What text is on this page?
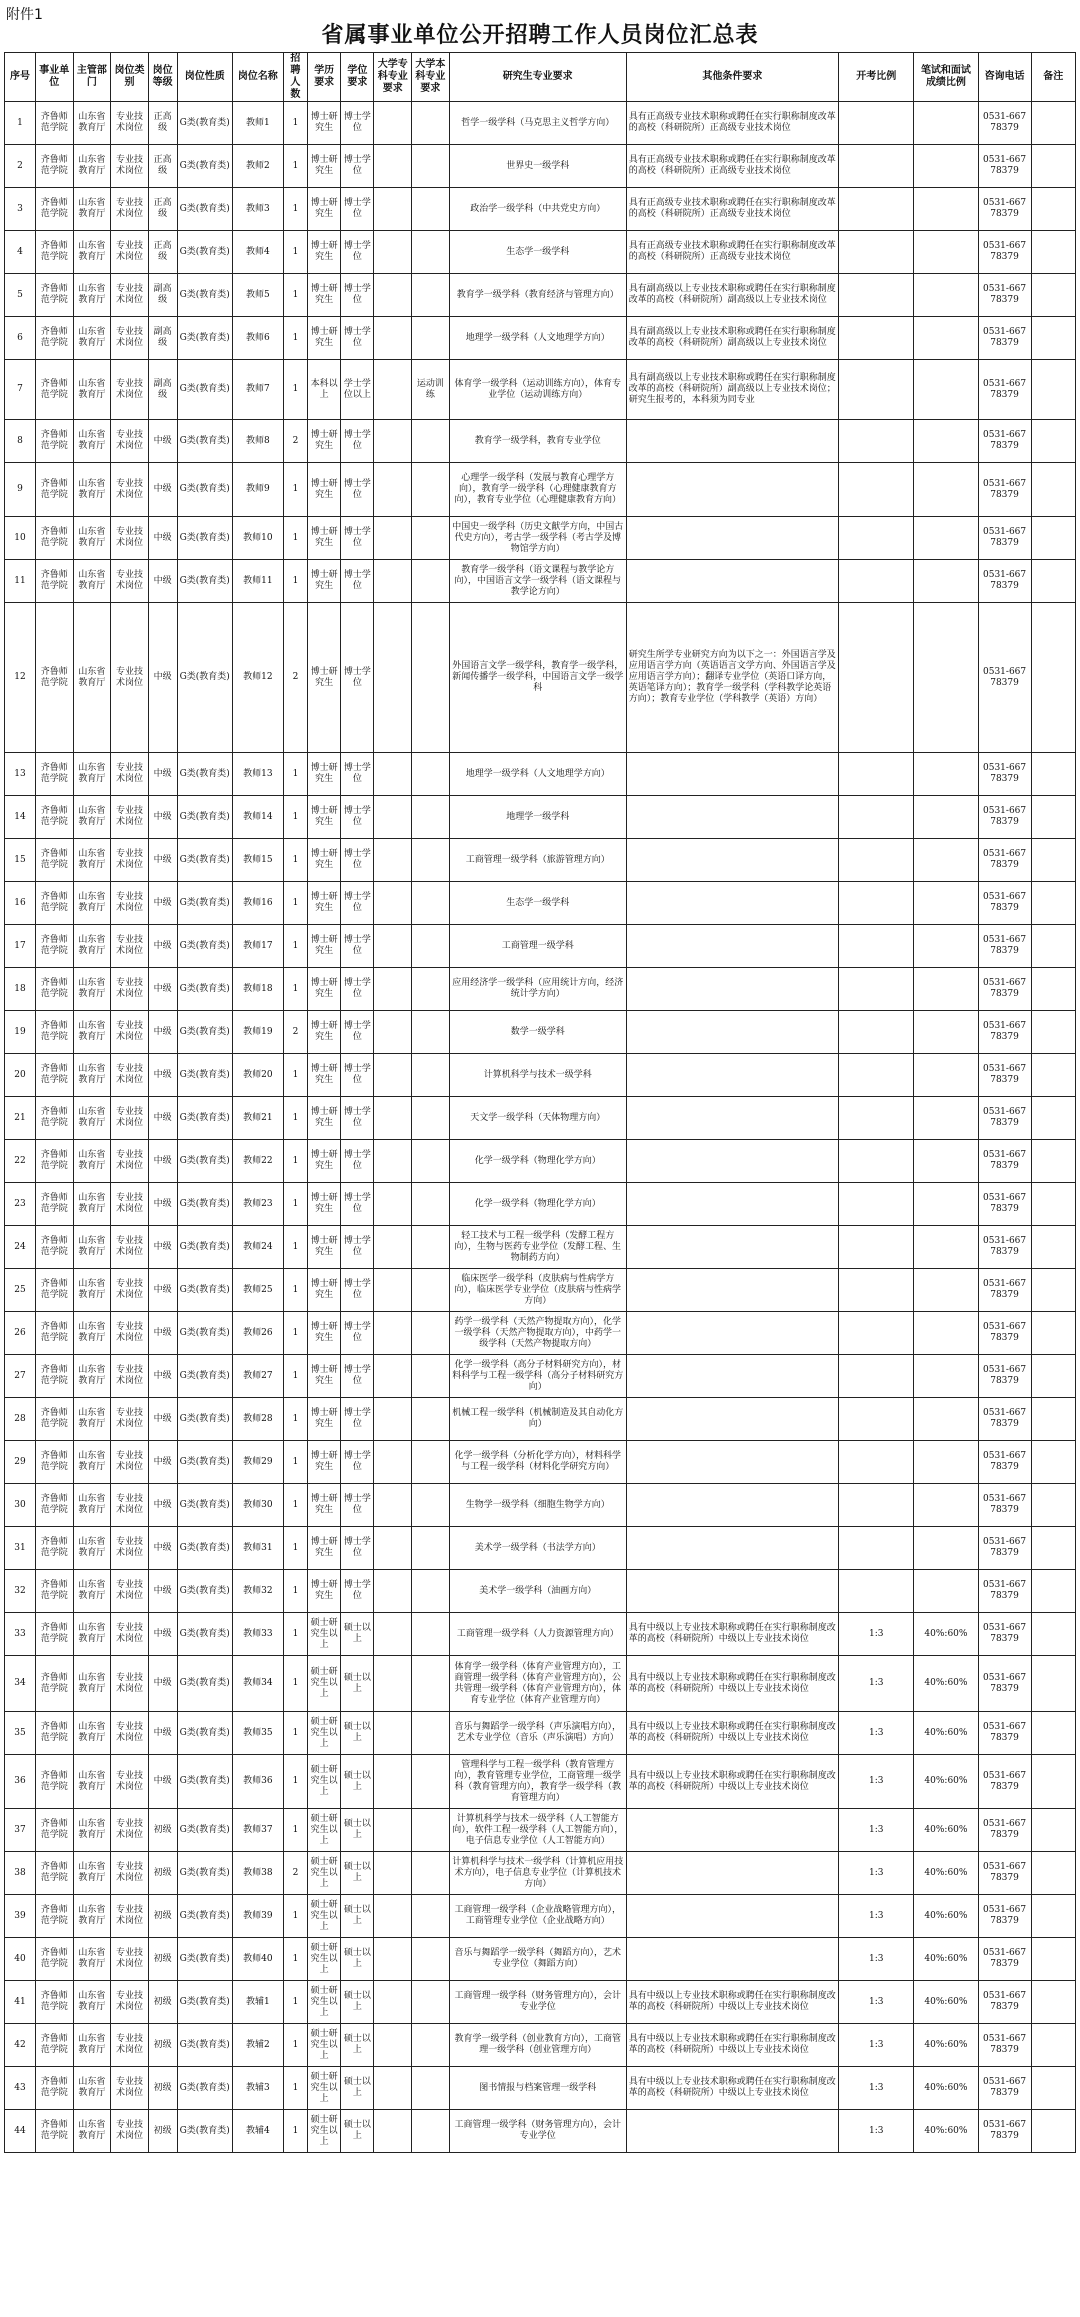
附件1
省属事业单位公开招聘工作人员岗位汇总表
序号	事业单位	主管部门	岗位类别	岗位等级	岗位性质	岗位名称	招聘人数	学历要求	学位要求	大学专科专业要求	大学本科专业要求	研究生专业要求	其他条件要求	开考比例	笔试和面试成绩比例	咨询电话	备注
1	齐鲁师范学院	山东省教育厅	专业技术岗位	正高级	G类(教育类)	教师1	1	博士研究生	博士学位			哲学一级学科（马克思主义哲学方向）	具有正高级专业技术职称或聘任在实行职称制度改革的高校（科研院所）正高级专业技术岗位			0531-66778379	
2	齐鲁师范学院	山东省教育厅	专业技术岗位	正高级	G类(教育类)	教师2	1	博士研究生	博士学位			世界史一级学科	具有正高级专业技术职称或聘任在实行职称制度改革的高校（科研院所）正高级专业技术岗位			0531-66778379	
3	齐鲁师范学院	山东省教育厅	专业技术岗位	正高级	G类(教育类)	教师3	1	博士研究生	博士学位			政治学一级学科（中共党史方向）	具有正高级专业技术职称或聘任在实行职称制度改革的高校（科研院所）正高级专业技术岗位			0531-66778379	
4	齐鲁师范学院	山东省教育厅	专业技术岗位	正高级	G类(教育类)	教师4	1	博士研究生	博士学位			生态学一级学科	具有正高级专业技术职称或聘任在实行职称制度改革的高校（科研院所）正高级专业技术岗位			0531-66778379	
5	齐鲁师范学院	山东省教育厅	专业技术岗位	副高级	G类(教育类)	教师5	1	博士研究生	博士学位			教育学一级学科（教育经济与管理方向）	具有副高级以上专业技术职称或聘任在实行职称制度改革的高校（科研院所）副高级以上专业技术岗位			0531-66778379	
6	齐鲁师范学院	山东省教育厅	专业技术岗位	副高级	G类(教育类)	教师6	1	博士研究生	博士学位			地理学一级学科（人文地理学方向）	具有副高级以上专业技术职称或聘任在实行职称制度改革的高校（科研院所）副高级以上专业技术岗位			0531-66778379	
7	齐鲁师范学院	山东省教育厅	专业技术岗位	副高级	G类(教育类)	教师7	1	本科以上	学士学位以上		运动训练	体育学一级学科（运动训练方向），体育专业学位（运动训练方向）	具有副高级以上专业技术职称或聘任在实行职称制度改革的高校（科研院所）副高级以上专业技术岗位；研究生报考的，本科须为同专业			0531-66778379	
8	齐鲁师范学院	山东省教育厅	专业技术岗位	中级	G类(教育类)	教师8	2	博士研究生	博士学位			教育学一级学科，教育专业学位				0531-66778379	
9	齐鲁师范学院	山东省教育厅	专业技术岗位	中级	G类(教育类)	教师9	1	博士研究生	博士学位			心理学一级学科（发展与教育心理学方向），教育学一级学科（心理健康教育方向），教育专业学位（心理健康教育方向）				0531-66778379	
10	齐鲁师范学院	山东省教育厅	专业技术岗位	中级	G类(教育类)	教师10	1	博士研究生	博士学位			中国史一级学科（历史文献学方向，中国古代史方向），考古学一级学科（考古学及博物馆学方向）				0531-66778379	
11	齐鲁师范学院	山东省教育厅	专业技术岗位	中级	G类(教育类)	教师11	1	博士研究生	博士学位			教育学一级学科（语文课程与教学论方向），中国语言文学一级学科（语文课程与教学论方向）				0531-66778379	
12	齐鲁师范学院	山东省教育厅	专业技术岗位	中级	G类(教育类)	教师12	2	博士研究生	博士学位			外国语言文学一级学科，教育学一级学科，新闻传播学一级学科，中国语言文学一级学科	研究生所学专业研究方向为以下之一：外国语言学及应用语言学方向（英语语言文学方向、外国语言学及应用语言学方向）；翻译专业学位（英语口译方向，英语笔译方向）；教育学一级学科（学科教学论英语方向）；教育专业学位（学科教学（英语）方向）			0531-66778379	
13	齐鲁师范学院	山东省教育厅	专业技术岗位	中级	G类(教育类)	教师13	1	博士研究生	博士学位			地理学一级学科（人文地理学方向）				0531-66778379	
14	齐鲁师范学院	山东省教育厅	专业技术岗位	中级	G类(教育类)	教师14	1	博士研究生	博士学位			地理学一级学科				0531-66778379	
15	齐鲁师范学院	山东省教育厅	专业技术岗位	中级	G类(教育类)	教师15	1	博士研究生	博士学位			工商管理一级学科（旅游管理方向）				0531-66778379	
16	齐鲁师范学院	山东省教育厅	专业技术岗位	中级	G类(教育类)	教师16	1	博士研究生	博士学位			生态学一级学科				0531-66778379	
17	齐鲁师范学院	山东省教育厅	专业技术岗位	中级	G类(教育类)	教师17	1	博士研究生	博士学位			工商管理一级学科				0531-66778379	
18	齐鲁师范学院	山东省教育厅	专业技术岗位	中级	G类(教育类)	教师18	1	博士研究生	博士学位			应用经济学一级学科（应用统计方向，经济统计学方向）				0531-66778379	
19	齐鲁师范学院	山东省教育厅	专业技术岗位	中级	G类(教育类)	教师19	2	博士研究生	博士学位			数学一级学科				0531-66778379	
20	齐鲁师范学院	山东省教育厅	专业技术岗位	中级	G类(教育类)	教师20	1	博士研究生	博士学位			计算机科学与技术一级学科				0531-66778379	
21	齐鲁师范学院	山东省教育厅	专业技术岗位	中级	G类(教育类)	教师21	1	博士研究生	博士学位			天文学一级学科（天体物理方向）				0531-66778379	
22	齐鲁师范学院	山东省教育厅	专业技术岗位	中级	G类(教育类)	教师22	1	博士研究生	博士学位			化学一级学科（物理化学方向）				0531-66778379	
23	齐鲁师范学院	山东省教育厅	专业技术岗位	中级	G类(教育类)	教师23	1	博士研究生	博士学位			化学一级学科（物理化学方向）				0531-66778379	
24	齐鲁师范学院	山东省教育厅	专业技术岗位	中级	G类(教育类)	教师24	1	博士研究生	博士学位			轻工技术与工程一级学科（发酵工程方向），生物与医药专业学位（发酵工程、生物制药方向）				0531-66778379	
25	齐鲁师范学院	山东省教育厅	专业技术岗位	中级	G类(教育类)	教师25	1	博士研究生	博士学位			临床医学一级学科（皮肤病与性病学方向），临床医学专业学位（皮肤病与性病学方向）				0531-66778379	
26	齐鲁师范学院	山东省教育厅	专业技术岗位	中级	G类(教育类)	教师26	1	博士研究生	博士学位			药学一级学科（天然产物提取方向），化学一级学科（天然产物提取方向），中药学一级学科（天然产物提取方向）				0531-66778379	
27	齐鲁师范学院	山东省教育厅	专业技术岗位	中级	G类(教育类)	教师27	1	博士研究生	博士学位			化学一级学科（高分子材料研究方向），材料科学与工程一级学科（高分子材料研究方向）				0531-66778379	
28	齐鲁师范学院	山东省教育厅	专业技术岗位	中级	G类(教育类)	教师28	1	博士研究生	博士学位			机械工程一级学科（机械制造及其自动化方向）				0531-66778379	
29	齐鲁师范学院	山东省教育厅	专业技术岗位	中级	G类(教育类)	教师29	1	博士研究生	博士学位			化学一级学科（分析化学方向），材料科学与工程一级学科（材料化学研究方向）				0531-66778379	
30	齐鲁师范学院	山东省教育厅	专业技术岗位	中级	G类(教育类)	教师30	1	博士研究生	博士学位			生物学一级学科（细胞生物学方向）				0531-66778379	
31	齐鲁师范学院	山东省教育厅	专业技术岗位	中级	G类(教育类)	教师31	1	博士研究生	博士学位			美术学一级学科（书法学方向）				0531-66778379	
32	齐鲁师范学院	山东省教育厅	专业技术岗位	中级	G类(教育类)	教师32	1	博士研究生	博士学位			美术学一级学科（油画方向）				0531-66778379	
33	齐鲁师范学院	山东省教育厅	专业技术岗位	中级	G类(教育类)	教师33	1	硕士研究生以上	硕士以上			工商管理一级学科（人力资源管理方向）	具有中级以上专业技术职称或聘任在实行职称制度改革的高校（科研院所）中级以上专业技术岗位	1:3	40%:60%	0531-66778379	
34	齐鲁师范学院	山东省教育厅	专业技术岗位	中级	G类(教育类)	教师34	1	硕士研究生以上	硕士以上			体育学一级学科（体育产业管理方向），工商管理一级学科（体育产业管理方向），公共管理一级学科（体育产业管理方向），体育专业学位（体育产业管理方向）	具有中级以上专业技术职称或聘任在实行职称制度改革的高校（科研院所）中级以上专业技术岗位	1:3	40%:60%	0531-66778379	
35	齐鲁师范学院	山东省教育厅	专业技术岗位	中级	G类(教育类)	教师35	1	硕士研究生以上	硕士以上			音乐与舞蹈学一级学科（声乐演唱方向），艺术专业学位（音乐（声乐演唱）方向）	具有中级以上专业技术职称或聘任在实行职称制度改革的高校（科研院所）中级以上专业技术岗位	1:3	40%:60%	0531-66778379	
36	齐鲁师范学院	山东省教育厅	专业技术岗位	中级	G类(教育类)	教师36	1	硕士研究生以上	硕士以上			管理科学与工程一级学科（教育管理方向），教育管理专业学位，工商管理一级学科（教育管理方向），教育学一级学科（教育管理方向）	具有中级以上专业技术职称或聘任在实行职称制度改革的高校（科研院所）中级以上专业技术岗位	1:3	40%:60%	0531-66778379	
37	齐鲁师范学院	山东省教育厅	专业技术岗位	初级	G类(教育类)	教师37	1	硕士研究生以上	硕士以上			计算机科学与技术一级学科（人工智能方向），软件工程一级学科（人工智能方向），电子信息专业学位（人工智能方向）		1:3	40%:60%	0531-66778379	
38	齐鲁师范学院	山东省教育厅	专业技术岗位	初级	G类(教育类)	教师38	2	硕士研究生以上	硕士以上			计算机科学与技术一级学科（计算机应用技术方向），电子信息专业学位（计算机技术方向）		1:3	40%:60%	0531-66778379	
39	齐鲁师范学院	山东省教育厅	专业技术岗位	初级	G类(教育类)	教师39	1	硕士研究生以上	硕士以上			工商管理一级学科（企业战略管理方向），工商管理专业学位（企业战略方向）		1:3	40%:60%	0531-66778379	
40	齐鲁师范学院	山东省教育厅	专业技术岗位	初级	G类(教育类)	教师40	1	硕士研究生以上	硕士以上			音乐与舞蹈学一级学科（舞蹈方向），艺术专业学位（舞蹈方向）		1:3	40%:60%	0531-66778379	
41	齐鲁师范学院	山东省教育厅	专业技术岗位	初级	G类(教育类)	教辅1	1	硕士研究生以上	硕士以上			工商管理一级学科（财务管理方向），会计专业学位	具有中级以上专业技术职称或聘任在实行职称制度改革的高校（科研院所）中级以上专业技术岗位	1:3	40%:60%	0531-66778379	
42	齐鲁师范学院	山东省教育厅	专业技术岗位	初级	G类(教育类)	教辅2	1	硕士研究生以上	硕士以上			教育学一级学科（创业教育方向），工商管理一级学科（创业管理方向）	具有中级以上专业技术职称或聘任在实行职称制度改革的高校（科研院所）中级以上专业技术岗位	1:3	40%:60%	0531-66778379	
43	齐鲁师范学院	山东省教育厅	专业技术岗位	初级	G类(教育类)	教辅3	1	硕士研究生以上	硕士以上			图书情报与档案管理一级学科	具有中级以上专业技术职称或聘任在实行职称制度改革的高校（科研院所）中级以上专业技术岗位	1:3	40%:60%	0531-66778379	
44	齐鲁师范学院	山东省教育厅	专业技术岗位	初级	G类(教育类)	教辅4	1	硕士研究生以上	硕士以上			工商管理一级学科（财务管理方向），会计专业学位		1:3	40%:60%	0531-66778379	
